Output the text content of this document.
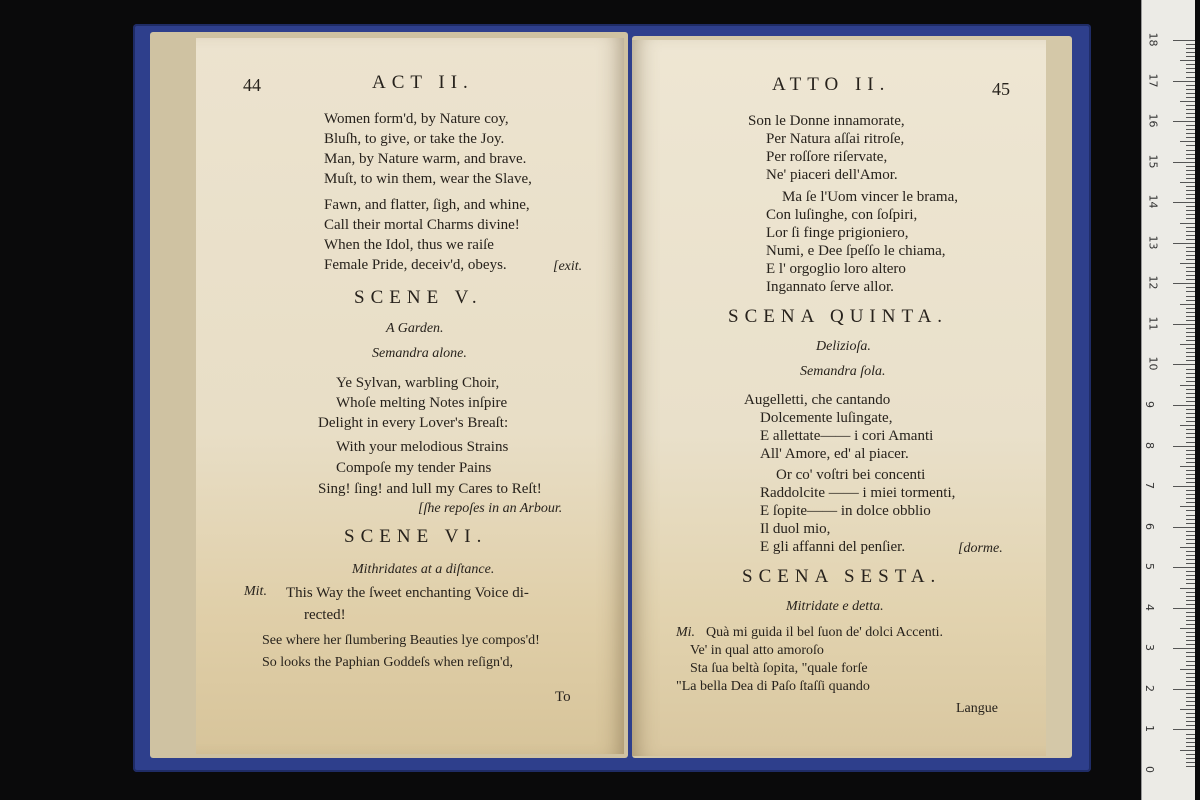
44	ACT II.
Women form'd, by Nature coy,
Bluſh, to give, or take the Joy.
Man, by Nature warm, and brave.
Muſt, to win them, wear the Slave,
Fawn, and flatter, ſigh, and whine,
Call their mortal Charms divine!
When the Idol, thus we raiſe
Female Pride, deceiv'd, obeys.	[exit.
SCENE V.
A Garden.
Semandra alone.
Ye Sylvan, warbling Choir,
Whoſe melting Notes inſpire
Delight in every Lover's Breaſt:
With your melodious Strains
Compoſe my tender Pains
Sing! ſing! and lull my Cares to Reſt!
[ſhe repoſes in an Arbour.
SCENE VI.
Mithridates at a diſtance.
Mit. This Way the ſweet enchanting Voice di-
rected!
See where her ſlumbering Beauties lye compos'd!
So looks the Paphian Goddeſs when reſign'd,
To
ATTO II.	45
Son le Donne innamorate,
Per Natura aſſai ritroſe,
Per roſſore riſervate,
Ne' piaceri dell'Amor.
Ma ſe l'Uom vincer le brama,
Con luſinghe, con ſoſpiri,
Lor ſi finge prigioniero,
Numi, e Dee ſpeſſo le chiama,
E l' orgoglio loro altero
Ingannato ſerve allor.
SCENA QUINTA.
Delizioſa.
Semandra ſola.
Augelletti, che cantando
Dolcemente luſingate,
E allettate—— i cori Amanti
All' Amore, ed' al piacer.
Or co' voſtri bei concenti
Raddolcite —— i miei tormenti,
E ſopite—— in dolce obblio
Il duol mio,
E gli affanni del penſier.	[dorme.
SCENA SESTA.
Mitridate e detta.
Mi. Quà mi guida il bel ſuon de' dolci Accenti.
Ve' in qual atto amoroſo
Sta ſua beltà ſopita, "quale forſe
"La bella Dea di Paſo ſtaſſi quando
Langue
18
17
16
15
14
13
12
11
10
9
8
7
6
5
4
3
2
1
0
